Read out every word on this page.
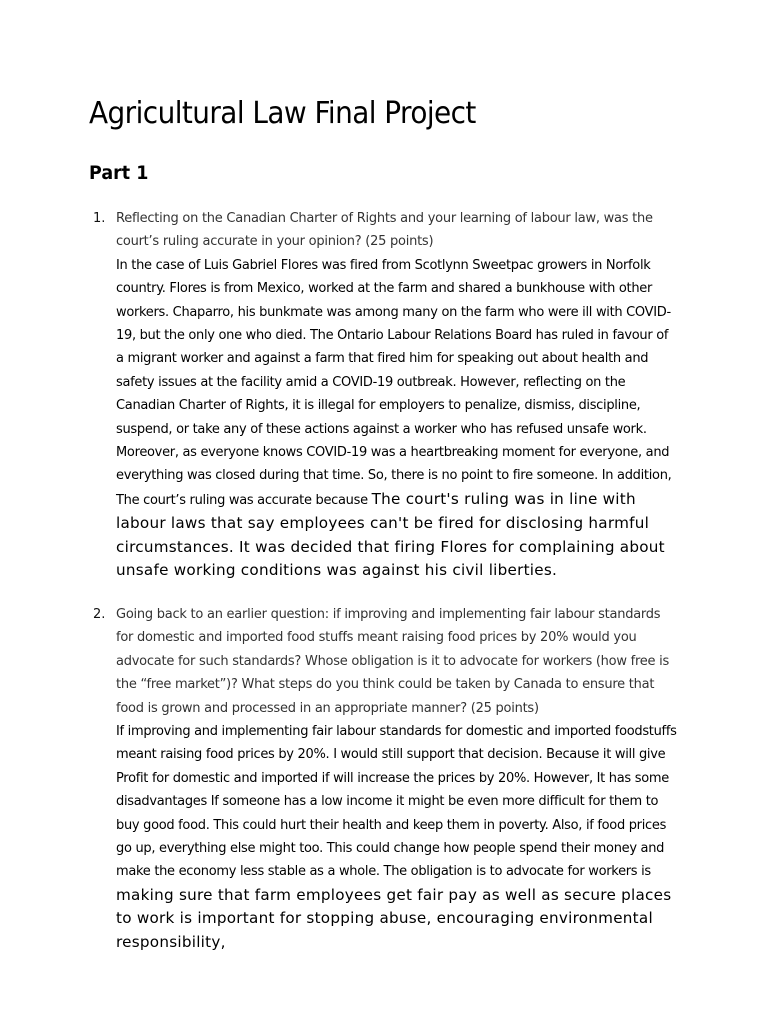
Agricultural Law Final Project
Part 1
1. Reflecting on the Canadian Charter of Rights and your learning of labour law, was the court’s ruling accurate in your opinion? (25 points)
In the case of Luis Gabriel Flores was fired from Scotlynn Sweetpac growers in Norfolk country. Flores is from Mexico, worked at the farm and shared a bunkhouse with other workers. Chaparro, his bunkmate was among many on the farm who were ill with COVID-19, but the only one who died. The Ontario Labour Relations Board has ruled in favour of a migrant worker and against a farm that fired him for speaking out about health and safety issues at the facility amid a COVID-19 outbreak. However, reflecting on the Canadian Charter of Rights, it is illegal for employers to penalize, dismiss, discipline, suspend, or take any of these actions against a worker who has refused unsafe work. Moreover, as everyone knows COVID-19 was a heartbreaking moment for everyone, and everything was closed during that time. So, there is no point to fire someone. In addition, The court’s ruling was accurate because The court's ruling was in line with labour laws that say employees can't be fired for disclosing harmful circumstances. It was decided that firing Flores for complaining about unsafe working conditions was against his civil liberties.
2. Going back to an earlier question: if improving and implementing fair labour standards for domestic and imported food stuffs meant raising food prices by 20% would you advocate for such standards? Whose obligation is it to advocate for workers (how free is the “free market”)? What steps do you think could be taken by Canada to ensure that food is grown and processed in an appropriate manner? (25 points)
If improving and implementing fair labour standards for domestic and imported foodstuffs meant raising food prices by 20%. I would still support that decision. Because it will give Profit for domestic and imported if will increase the prices by 20%. However, It has some disadvantages If someone has a low income it might be even more difficult for them to buy good food. This could hurt their health and keep them in poverty. Also, if food prices go up, everything else might too. This could change how people spend their money and make the economy less stable as a whole. The obligation is to advocate for workers is making sure that farm employees get fair pay as well as secure places to work is important for stopping abuse, encouraging environmental responsibility,
